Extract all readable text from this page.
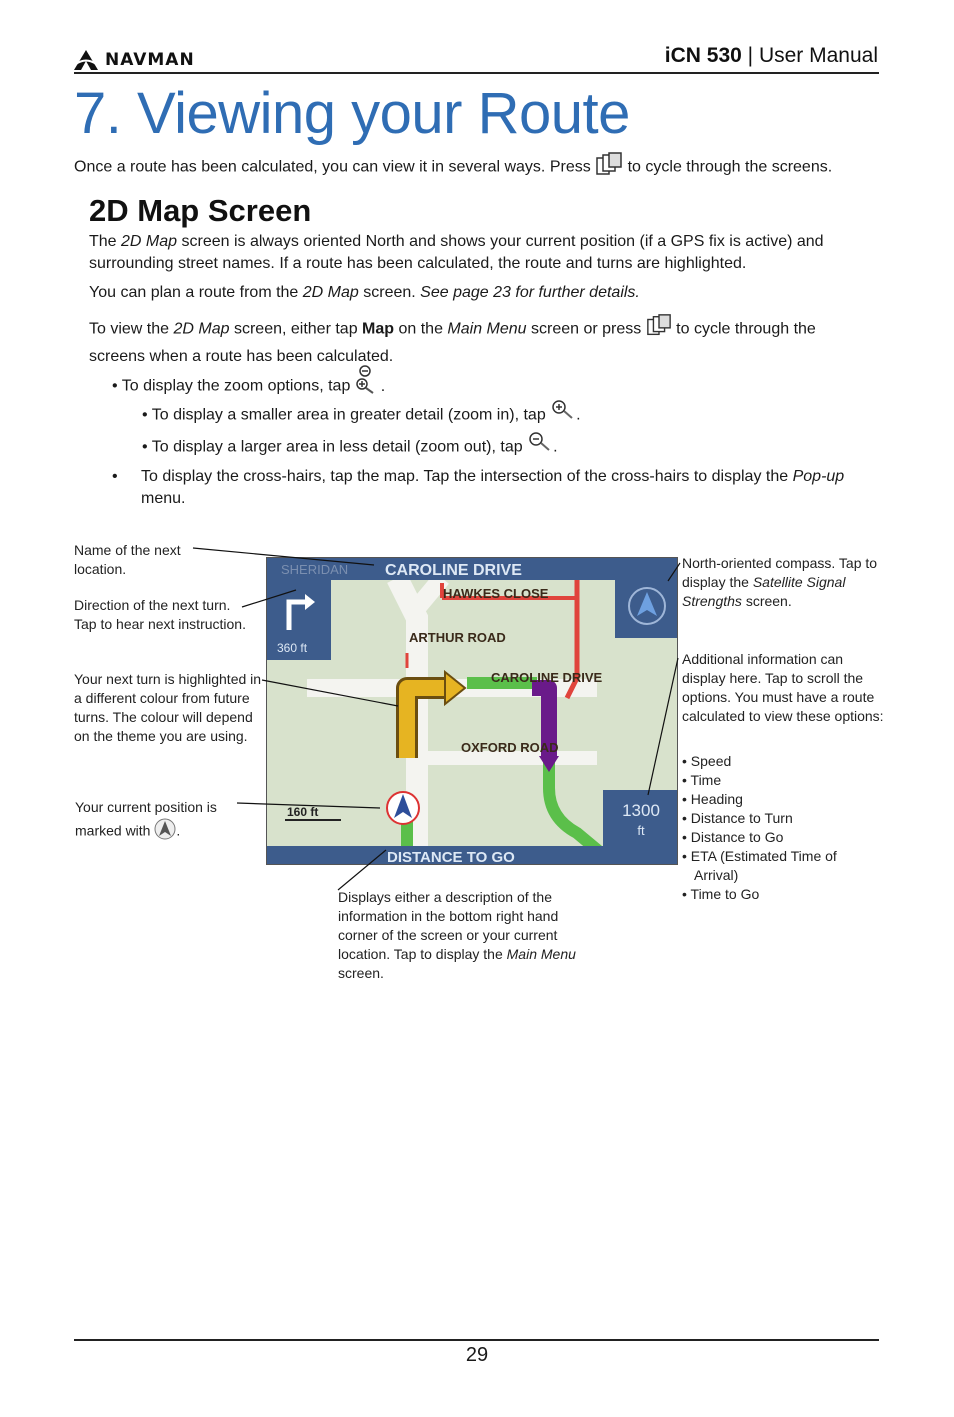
NAVMAN	iCN 530 | User Manual
7. Viewing your Route

Once a route has been calculated, you can view it in several ways. Press  to cycle through the screens.

2D Map Screen

The 2D Map screen is always oriented North and shows your current position (if a GPS fix is active) and surrounding street names. If a route has been calculated, the route and turns are highlighted.

You can plan a route from the 2D Map screen. See page 23 for further details.

To view the 2D Map screen, either tap Map on the Main Menu screen or press  to cycle through the screens when a route has been calculated.

• To display the zoom options, tap .
• To display a smaller area in greater detail (zoom in), tap .
• To display a larger area in less detail (zoom out), tap .
• To display the cross-hairs, tap the map. Tap the intersection of the cross-hairs to display the Pop-up menu.
SHERIDAN CAROLINE DRIVE
360 ft
HAWKES CLOSE
ARTHUR ROAD
CAROLINE DRIVE
OXFORD ROAD
160 ft	1300
ft
DISTANCE TO GO
Name of the next location.
Direction of the next turn. Tap to hear next instruction.
Your next turn is highlighted in a different colour from future turns. The colour will depend on the theme you are using.
Your current position is marked with .
North-oriented compass. Tap to display the Satellite Signal Strengths screen.
Additional information can display here. Tap to scroll the options. You must have a route calculated to view these options:
• Speed
• Time
• Heading
• Distance to Turn
• Distance to Go
• ETA (Estimated Time of
Arrival)
• Time to Go
Displays either a description of the information in the bottom right hand corner of the screen or your current location. Tap to display the Main Menu screen.
29
